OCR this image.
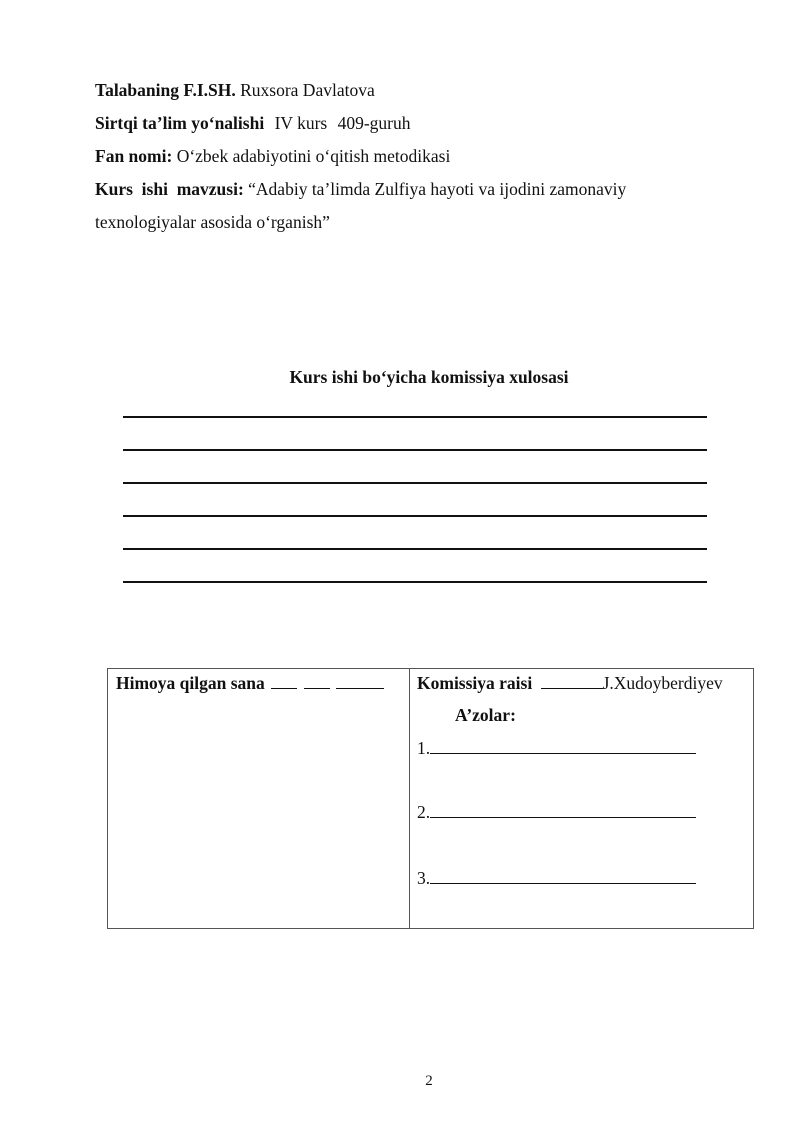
Talabaning F.I.SH. Ruxsora Davlatova

Sirtqi ta’lim yo‘nalishi IV kurs 409-guruh

Fan nomi: O‘zbek adabiyotini o‘qitish metodikasi

Kurs  ishi  mavzusi: “Adabiy ta’limda Zulfiya hayoti va ijodini zamonaviy

texnologiyalar asosida o‘rganish”

Kurs ishi bo‘yicha komissiya xulosasi
Himoya qilgan sana	Komissiya raisi	J.Xudoyberdiyev
A’zolar:
1.
2.
3.
2
